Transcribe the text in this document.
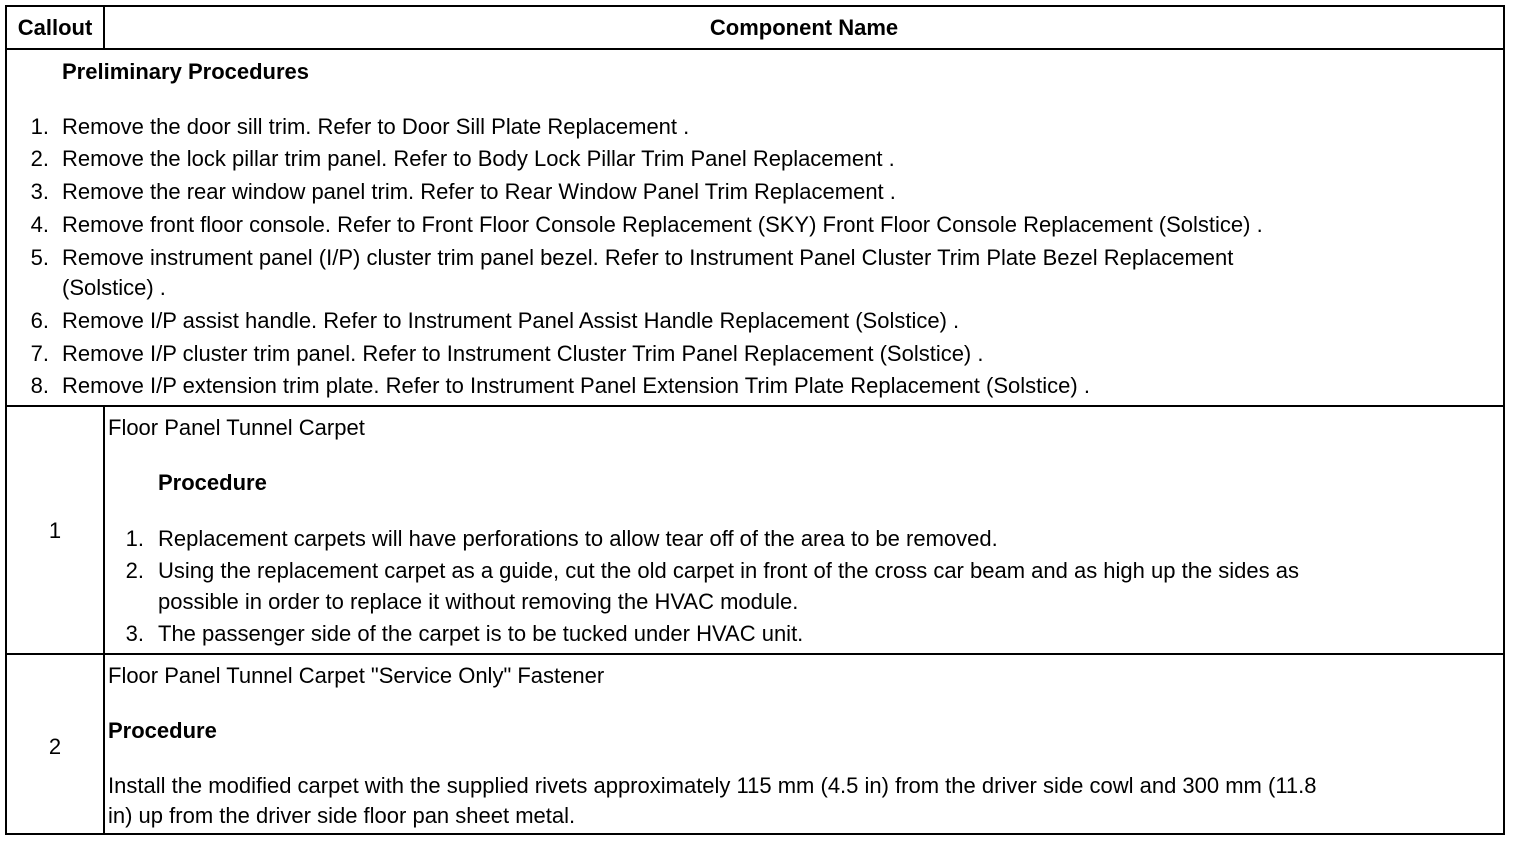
Callout	Component Name
Preliminary Procedures
1. Remove the door sill trim. Refer to Door Sill Plate Replacement .
2. Remove the lock pillar trim panel. Refer to Body Lock Pillar Trim Panel Replacement .
3. Remove the rear window panel trim. Refer to Rear Window Panel Trim Replacement .
4. Remove front floor console. Refer to Front Floor Console Replacement (SKY) Front Floor Console Replacement (Solstice) .
5. Remove instrument panel (I/P) cluster trim panel bezel. Refer to Instrument Panel Cluster Trim Plate Bezel Replacement
(Solstice) .
6. Remove I/P assist handle. Refer to Instrument Panel Assist Handle Replacement (Solstice) .
7. Remove I/P cluster trim panel. Refer to Instrument Cluster Trim Panel Replacement (Solstice) .
8. Remove I/P extension trim plate. Refer to Instrument Panel Extension Trim Plate Replacement (Solstice) .
1
Floor Panel Tunnel Carpet
Procedure
1. Replacement carpets will have perforations to allow tear off of the area to be removed.
2. Using the replacement carpet as a guide, cut the old carpet in front of the cross car beam and as high up the sides as
possible in order to replace it without removing the HVAC module.
3. The passenger side of the carpet is to be tucked under HVAC unit.
2
Floor Panel Tunnel Carpet "Service Only" Fastener
Procedure
Install the modified carpet with the supplied rivets approximately 115 mm (4.5 in) from the driver side cowl and 300 mm (11.8
in) up from the driver side floor pan sheet metal.
